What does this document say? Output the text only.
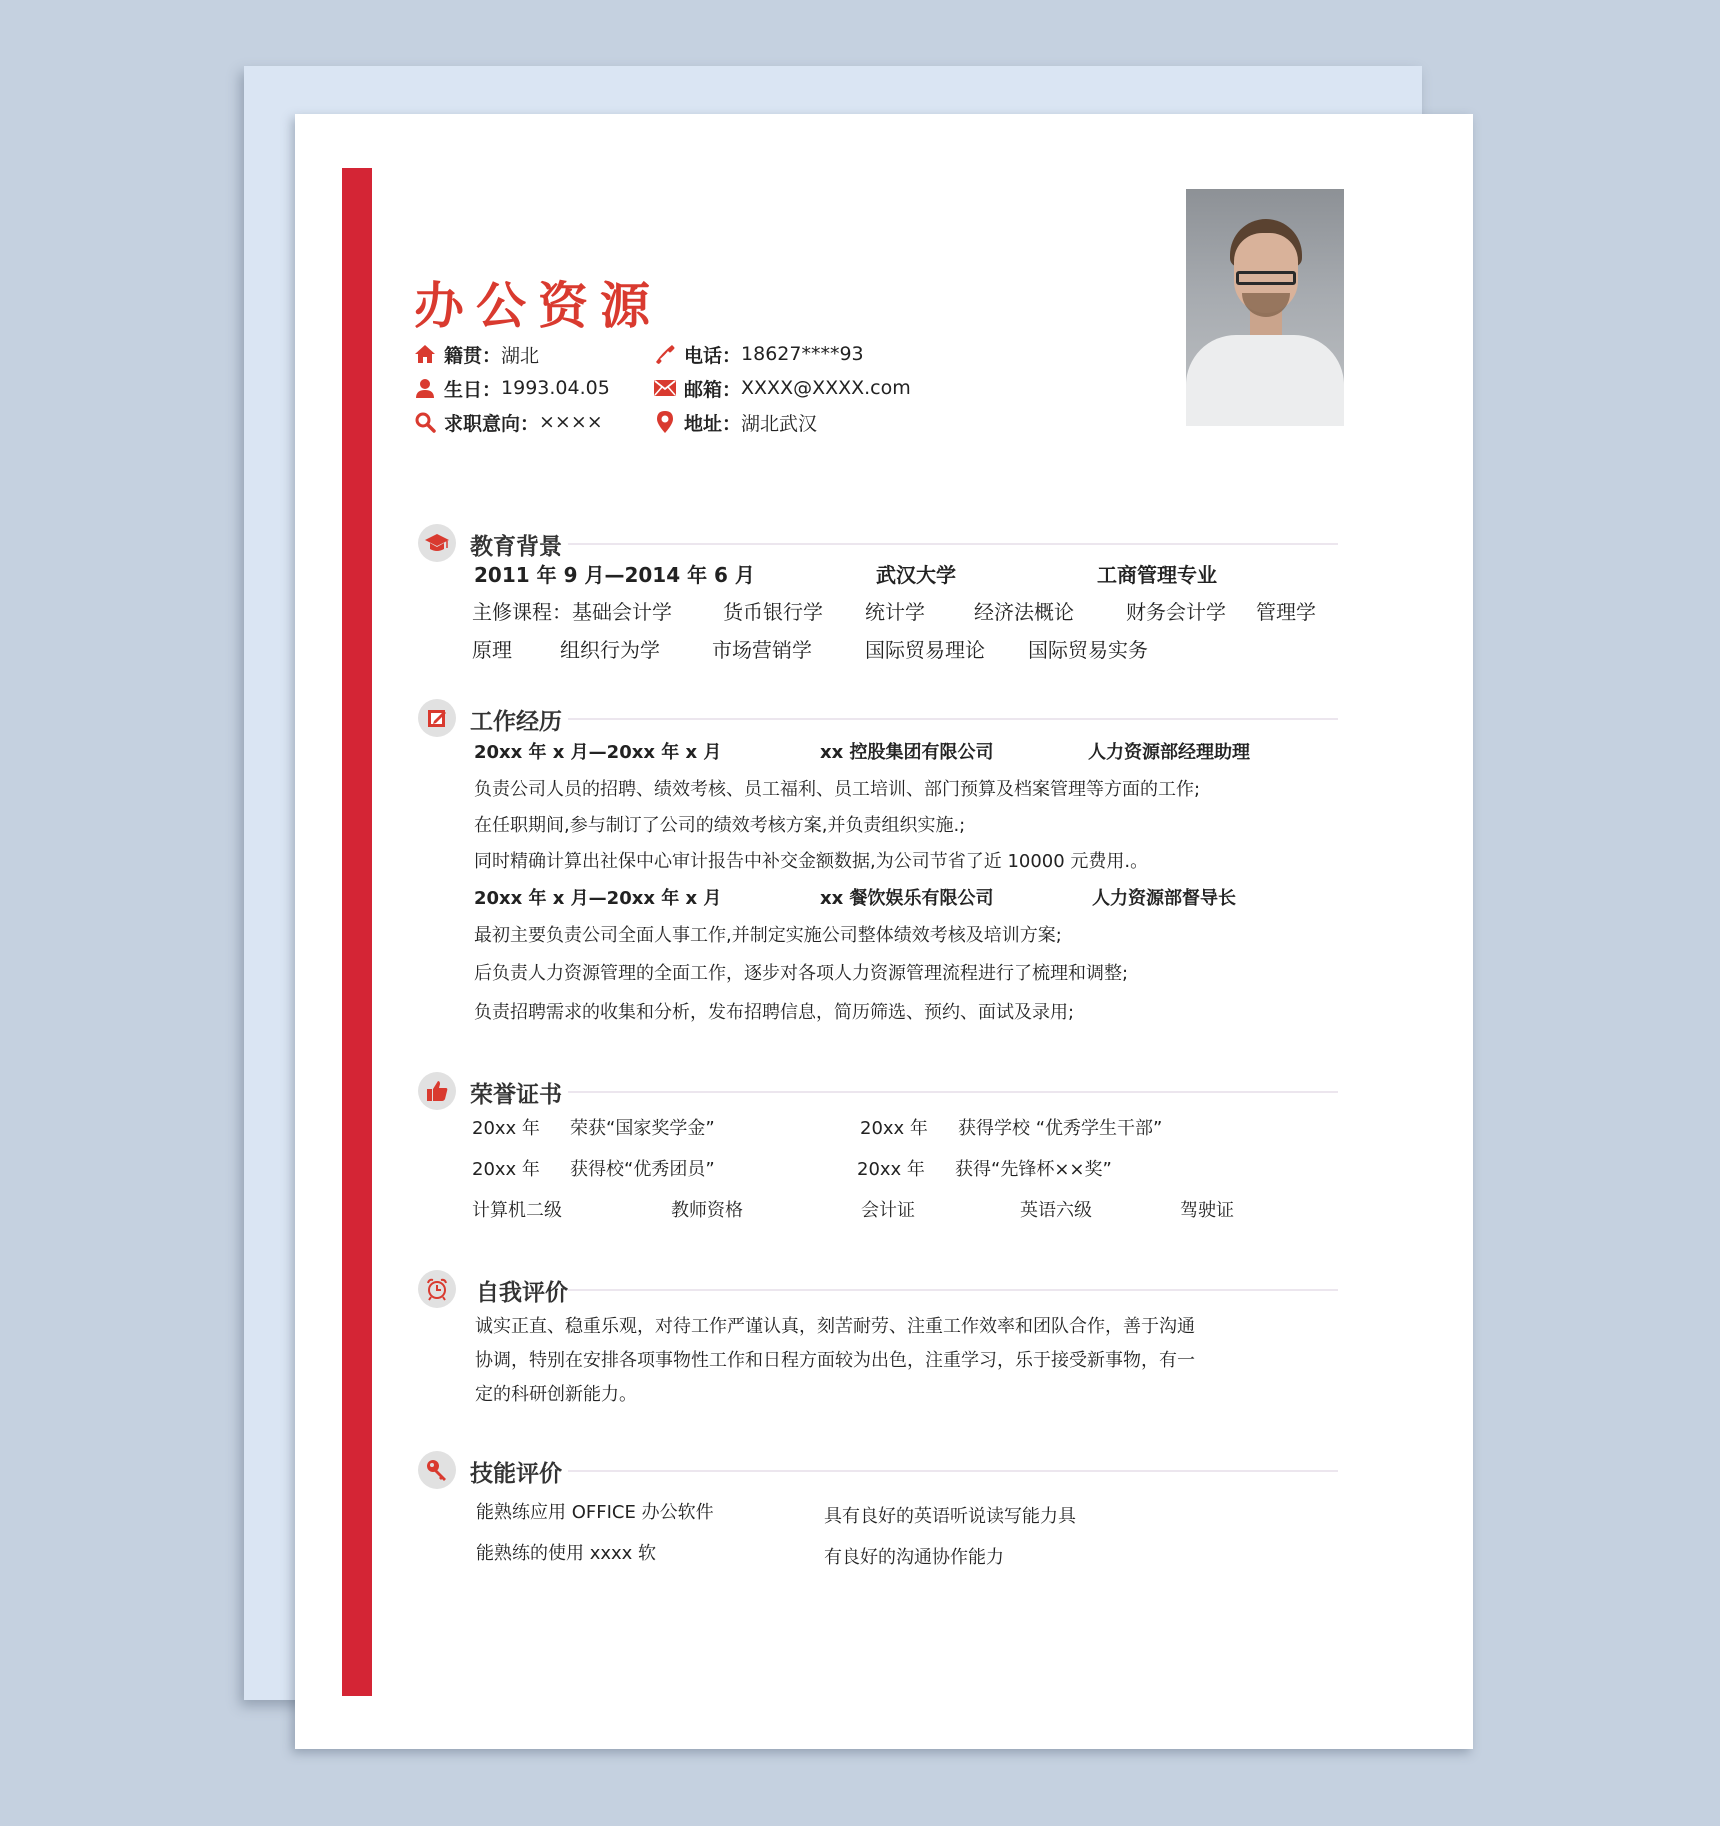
办公资源
籍贯： 湖北
生日： 1993.04.05
求职意向： ××××
电话： 18627****93
邮箱： XXXX@XXXX.com
地址： 湖北武汉
教育背景
2011 年 9 月—2014 年 6 月	武汉大学	工商管理专业
主修课程：基础会计学	货币银行学 统计学 经济法概论	财务会计学 管理学
原理 组织行为学	市场营销学	国际贸易理论 国际贸易实务
工作经历
20xx 年 x 月—20xx 年 x 月	xx 控股集团有限公司	人力资源部经理助理
负责公司人员的招聘、绩效考核、员工福利、员工培训、部门预算及档案管理等方面的工作;
在任职期间,参与制订了公司的绩效考核方案,并负责组织实施.;
同时精确计算出社保中心审计报告中补交金额数据,为公司节省了近 10000 元费用.。
20xx 年 x 月—20xx 年 x 月	xx 餐饮娱乐有限公司	人力资源部督导长
最初主要负责公司全面人事工作,并制定实施公司整体绩效考核及培训方案;
后负责人力资源管理的全面工作，逐步对各项人力资源管理流程进行了梳理和调整;
负责招聘需求的收集和分析，发布招聘信息，简历筛选、预约、面试及录用;
荣誉证书
20xx 年 荣获“国家奖学金”	20xx 年 获得学校 “优秀学生干部”
20xx 年 获得校“优秀团员”	20xx 年 获得“先锋杯××奖”
计算机二级	教师资格	会计证	英语六级	驾驶证
自我评价
诚实正直、稳重乐观，对待工作严谨认真，刻苦耐劳、注重工作效率和团队合作，善于沟通
协调，特别在安排各项事物性工作和日程方面较为出色，注重学习，乐于接受新事物，有一
定的科研创新能力。
技能评价
能熟练应用 OFFICE 办公软件	具有良好的英语听说读写能力具
能熟练的使用 xxxx 软	有良好的沟通协作能力
